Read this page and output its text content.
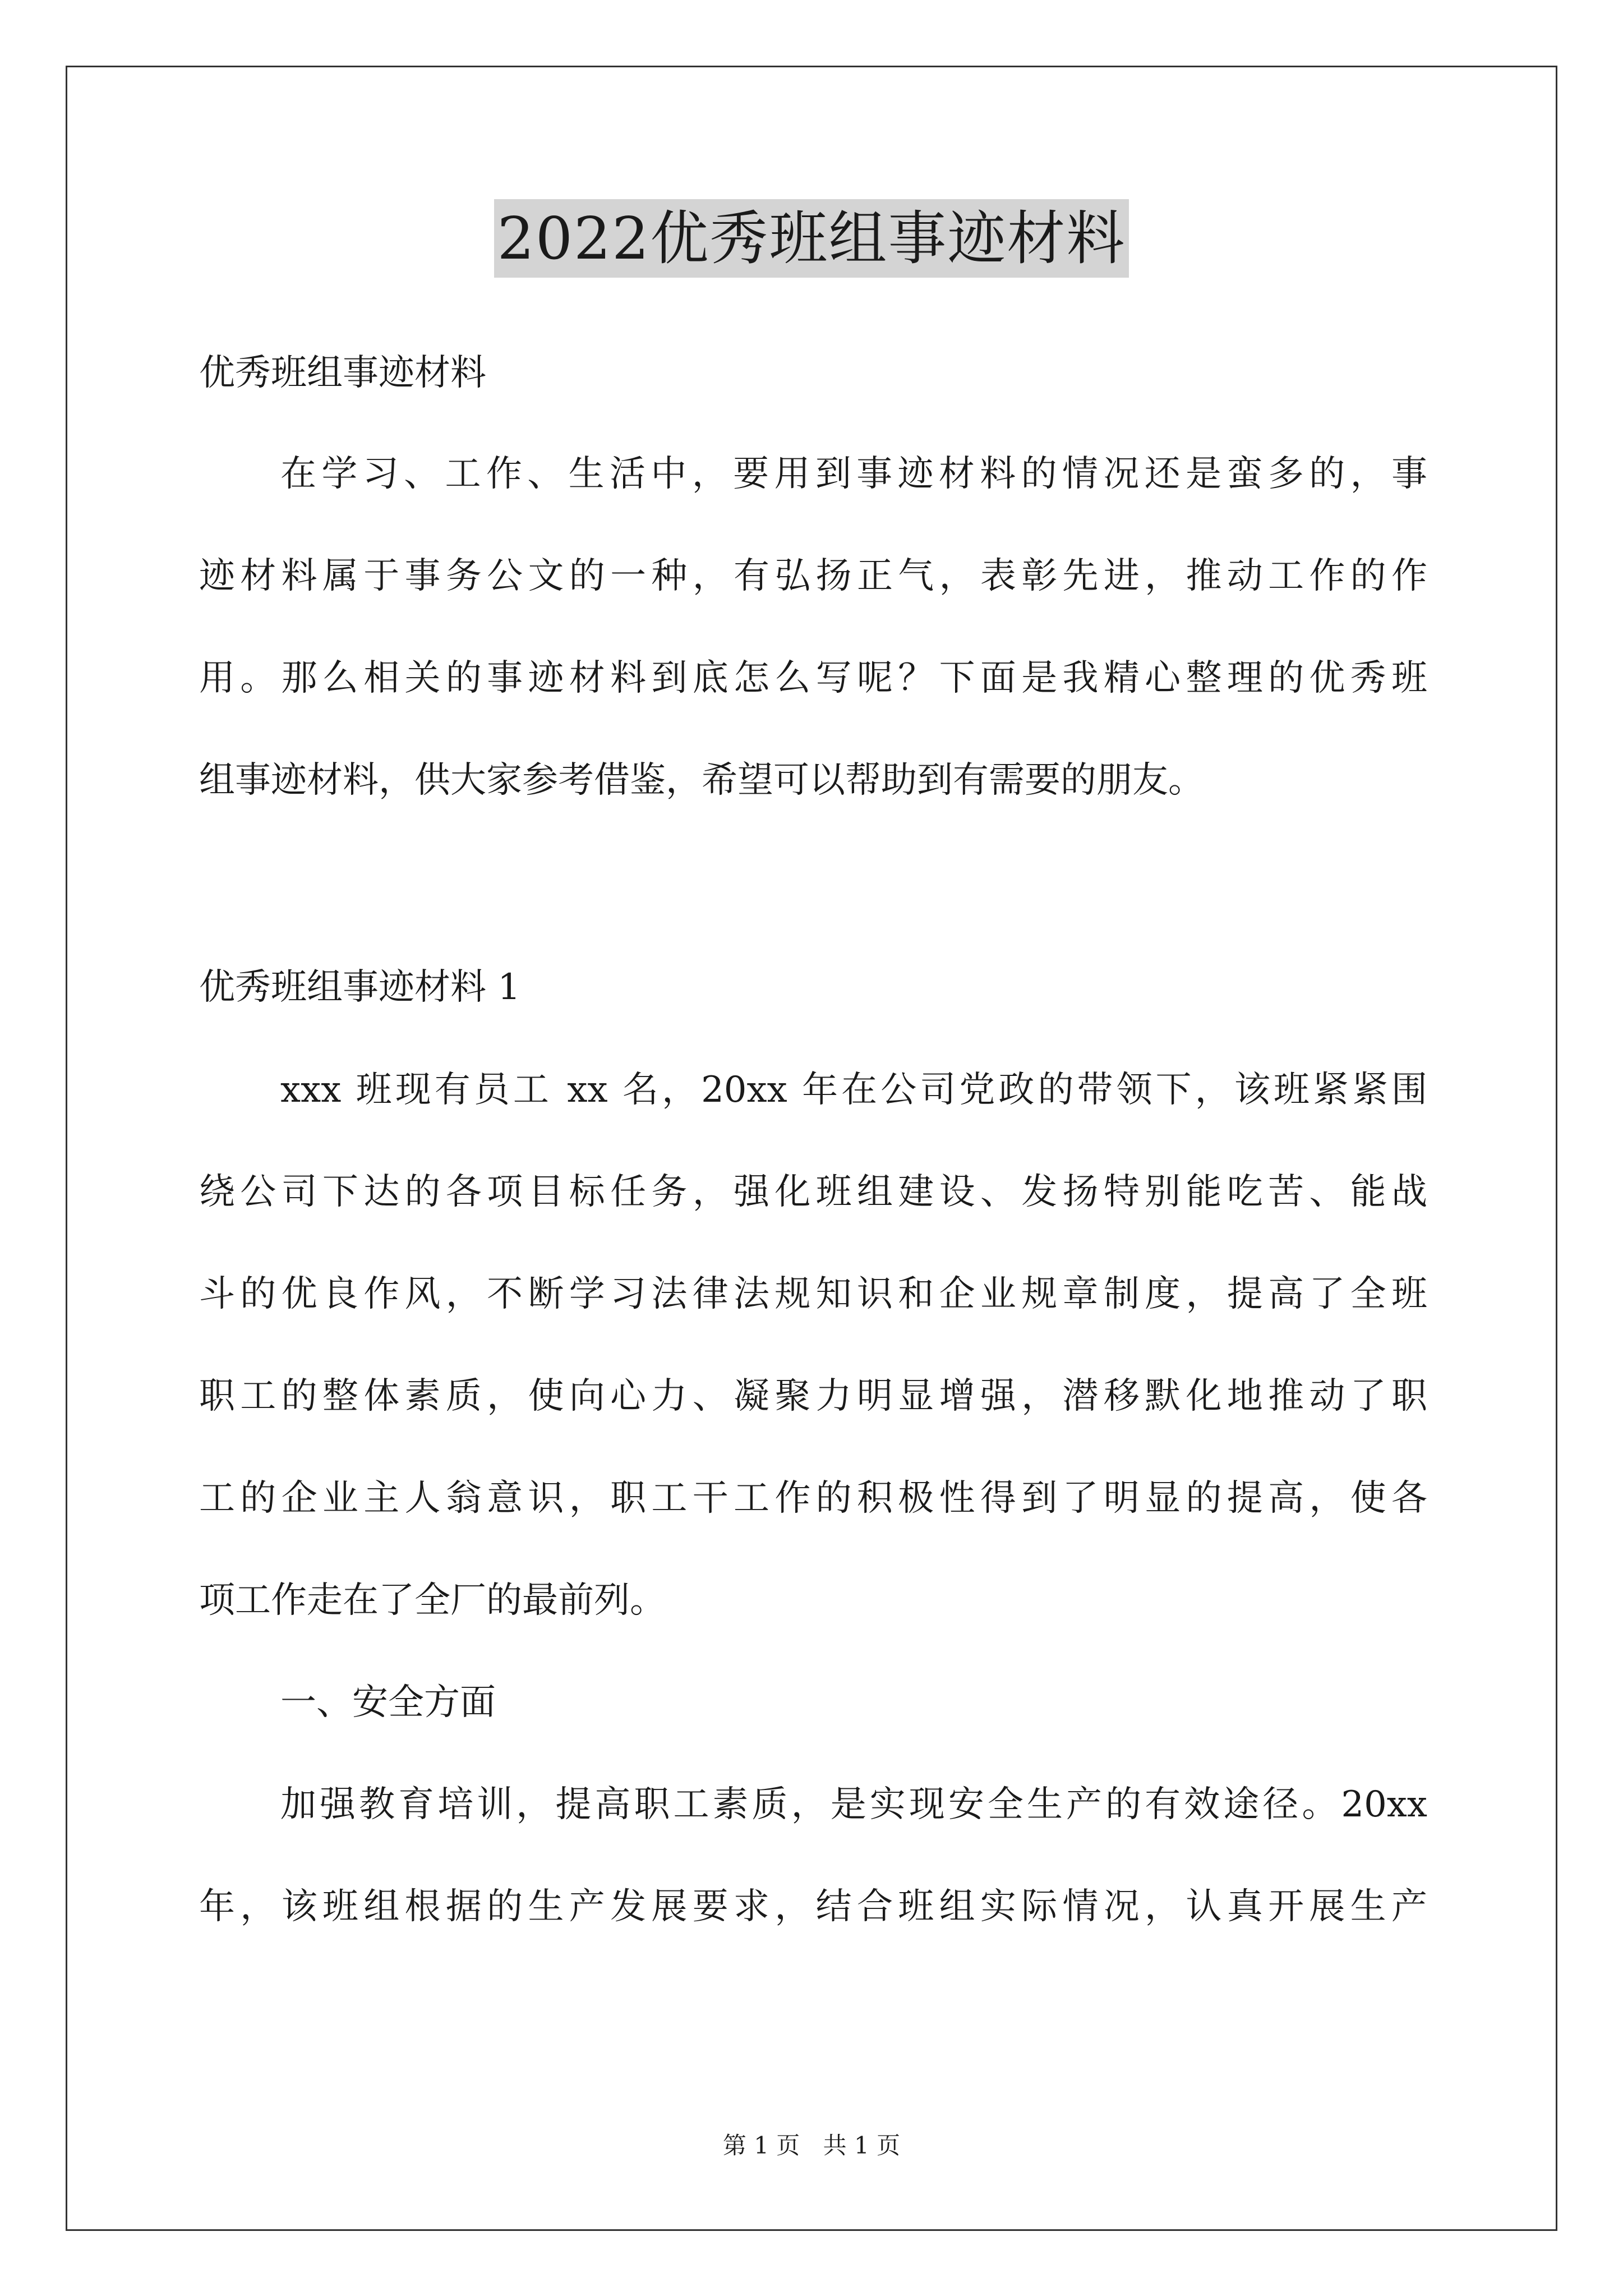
2022优秀班组事迹材料
优秀班组事迹材料
在学习、工作、生活中，要用到事迹材料的情况还是蛮多的，事
迹材料属于事务公文的一种，有弘扬正气，表彰先进，推动工作的作
用。那么相关的事迹材料到底怎么写呢？下面是我精心整理的优秀班
组事迹材料，供大家参考借鉴，希望可以帮助到有需要的朋友。
优秀班组事迹材料 1
xxx 班现有员工 xx 名，20xx 年在公司党政的带领下，该班紧紧围
绕公司下达的各项目标任务，强化班组建设、发扬特别能吃苦、能战
斗的优良作风，不断学习法律法规知识和企业规章制度，提高了全班
职工的整体素质，使向心力、凝聚力明显增强，潜移默化地推动了职
工的企业主人翁意识，职工干工作的积极性得到了明显的提高，使各
项工作走在了全厂的最前列。
一、安全方面
加强教育培训，提高职工素质，是实现安全生产的有效途径。20xx
年，该班组根据的生产发展要求，结合班组实际情况，认真开展生产
第 1 页 共 1 页
